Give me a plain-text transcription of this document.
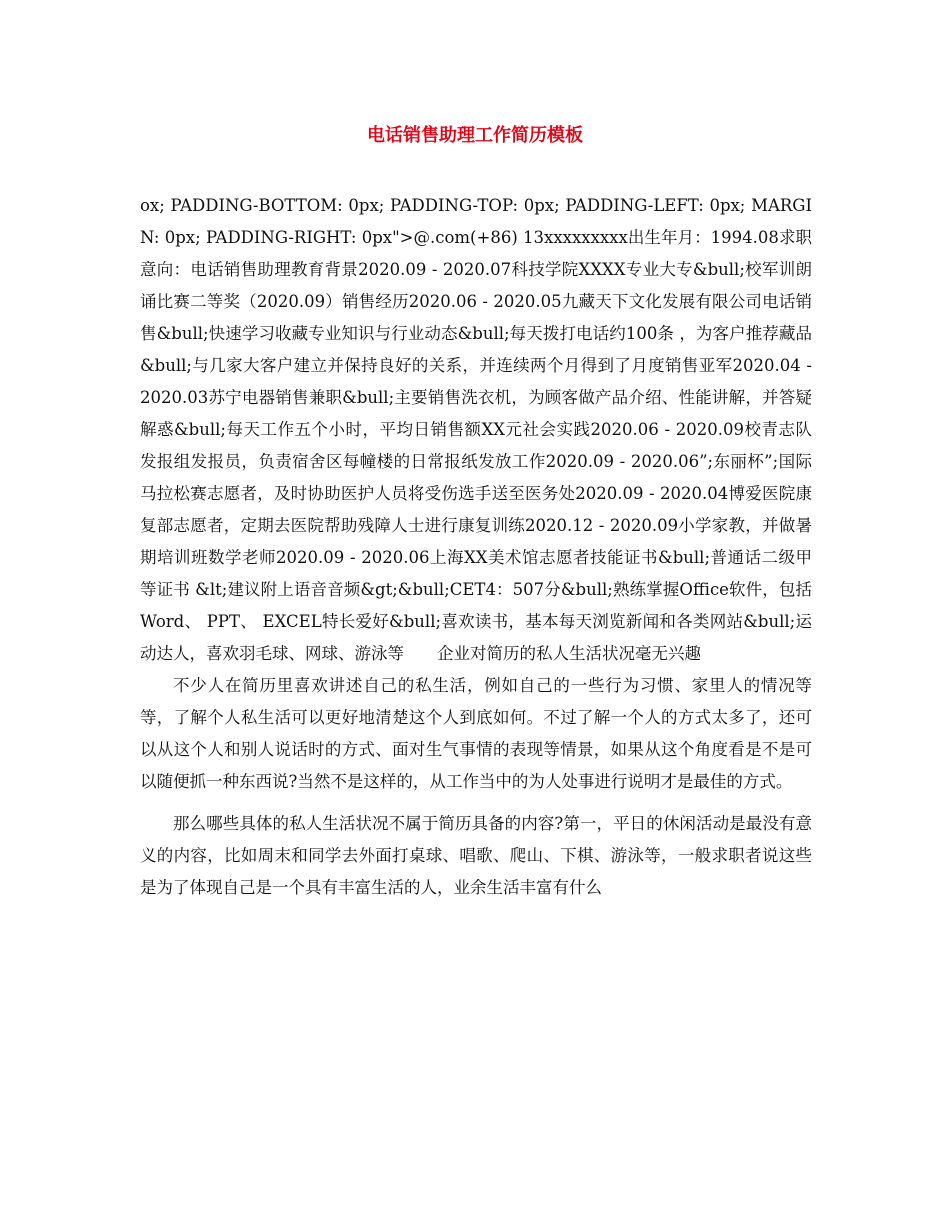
电话销售助理工作简历模板

ox; PADDING-BOTTOM: 0px; PADDING-TOP: 0px; PADDING-LEFT: 0px; MARGIN: 0px; PADDING-RIGHT: 0px">@.com(+86) 13xxxxxxxxx出生年月：1994.08求职意向：电话销售助理教育背景2020.09 - 2020.07科技学院XXXX专业大专&bull;校军训朗诵比赛二等奖（2020.09）销售经历2020.06 - 2020.05九藏天下文化发展有限公司电话销售&bull;快速学习收藏专业知识与行业动态&bull;每天拨打电话约100条 ，为客户推荐藏品&bull;与几家大客户建立并保持良好的关系，并连续两个月得到了月度销售亚军2020.04 - 2020.03苏宁电器销售兼职&bull;主要销售洗衣机，为顾客做产品介绍、性能讲解，并答疑解惑&bull;每天工作五个小时，平均日销售额XX元社会实践2020.06 - 2020.09校青志队发报组发报员，负责宿舍区每幢楼的日常报纸发放工作2020.09 - 2020.06”;东丽杯”;国际马拉松赛志愿者，及时协助医护人员将受伤选手送至医务处2020.09 - 2020.04博爱医院康复部志愿者，定期去医院帮助残障人士进行康复训练2020.12 - 2020.09小学家教，并做暑期培训班数学老师2020.09 - 2020.06上海XX美术馆志愿者技能证书&bull;普通话二级甲等证书 &lt;建议附上语音音频&gt;&bull;CET4：507分&bull;熟练掌握Office软件，包括 Word、 PPT、 EXCEL特长爱好&bull;喜欢读书，基本每天浏览新闻和各类网站&bull;运动达人，喜欢羽毛球、网球、游泳等　　企业对简历的私人生活状况毫无兴趣

不少人在简历里喜欢讲述自己的私生活，例如自己的一些行为习惯、家里人的情况等等，了解个人私生活可以更好地清楚这个人到底如何。不过了解一个人的方式太多了，还可以从这个人和别人说话时的方式、面对生气事情的表现等情景，如果从这个角度看是不是可以随便抓一种东西说?当然不是这样的，从工作当中的为人处事进行说明才是最佳的方式。

那么哪些具体的私人生活状况不属于简历具备的内容?第一，平日的休闲活动是最没有意义的内容，比如周末和同学去外面打桌球、唱歌、爬山、下棋、游泳等，一般求职者说这些是为了体现自己是一个具有丰富生活的人，业余生活丰富有什么
